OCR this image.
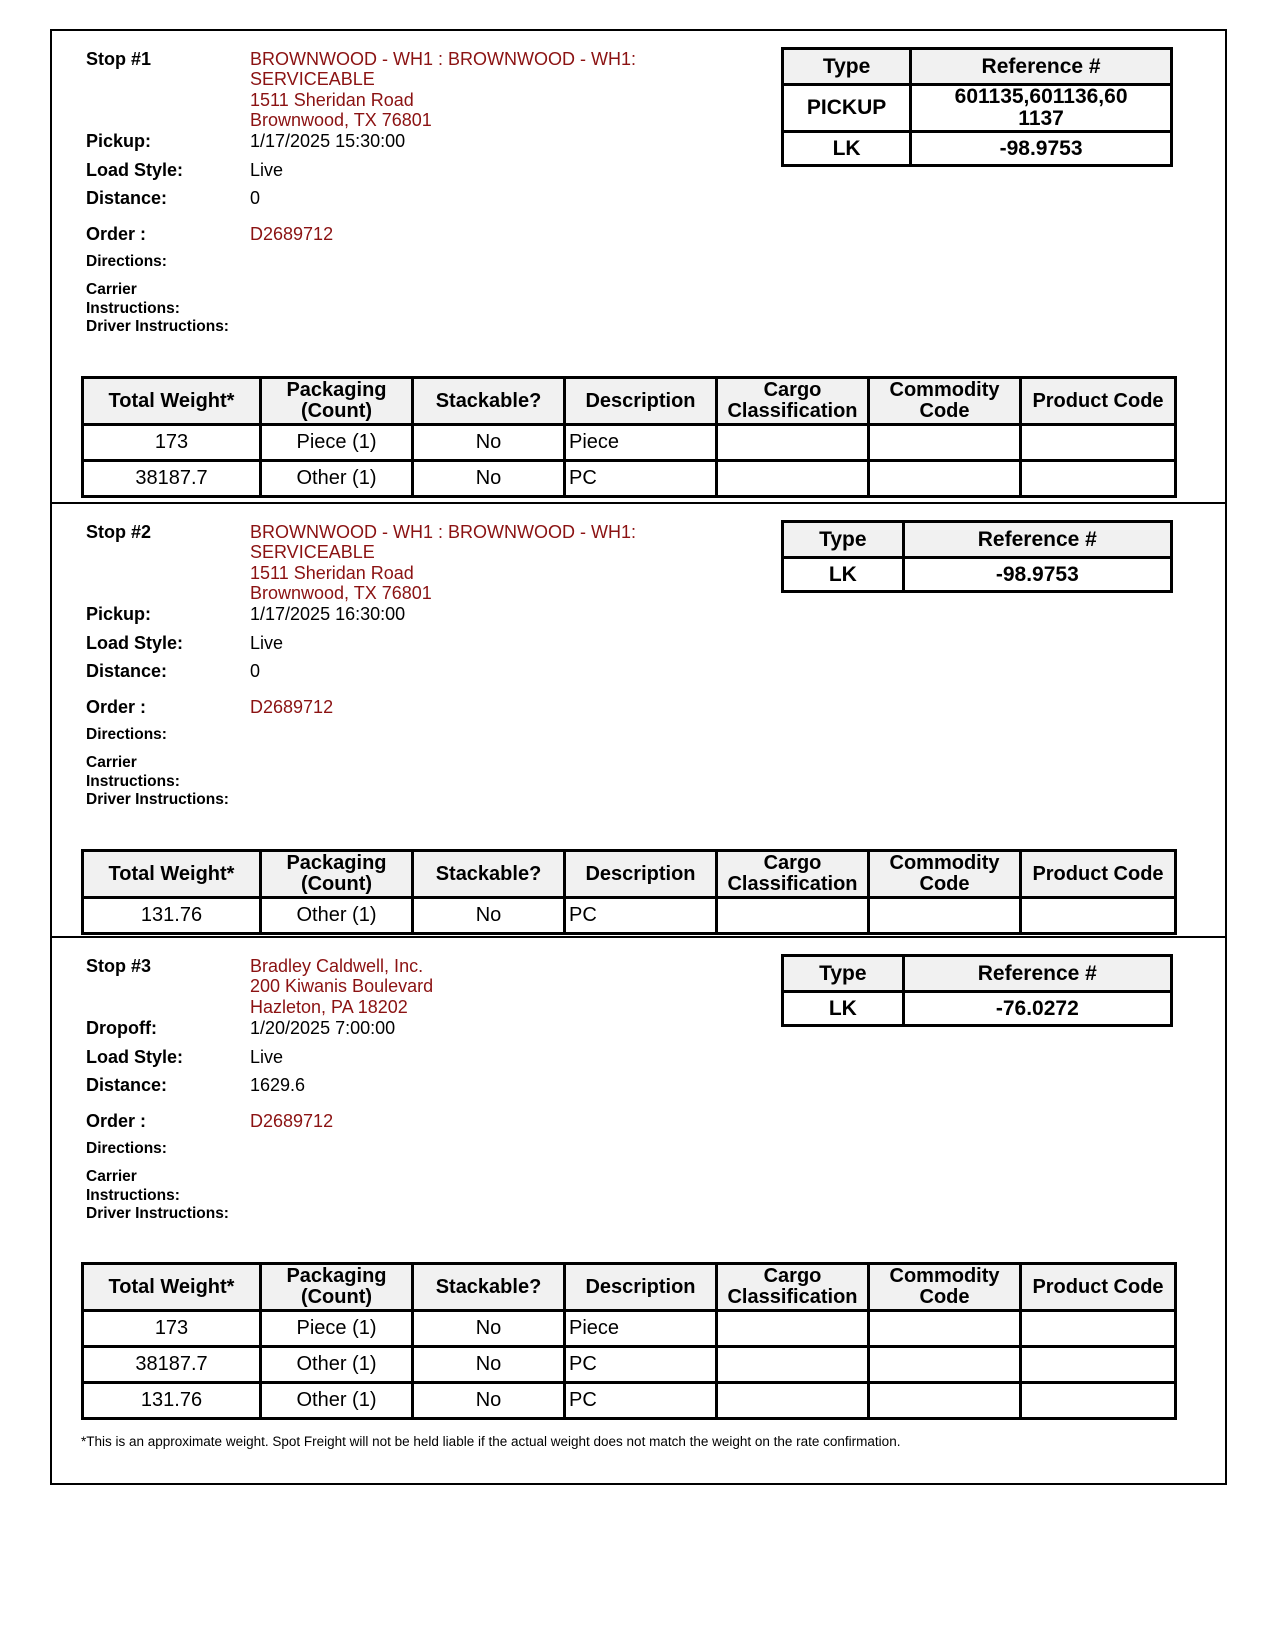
Stop #1	BROWNWOOD - WH1 : BROWNWOOD - WH1:
SERVICEABLE
1511 Sheridan Road
Brownwood, TX 76801
Pickup:	1/17/2025 15:30:00
Load Style:	Live
Distance:	0
Order :	D2689712
Directions:
Carrier
Instructions:
Driver Instructions:
Type	Reference #
PICKUP	601135,601136,60
1137

LK	-98.9753
Total Weight*	Packaging (Count)	Stackable?	Description	Cargo Classification	Commodity Code	Product Code
173	Piece (1)	No	Piece			
38187.7	Other (1)	No	PC			
Stop #2	BROWNWOOD - WH1 : BROWNWOOD - WH1:
SERVICEABLE
1511 Sheridan Road
Brownwood, TX 76801
Pickup:	1/17/2025 16:30:00
Load Style:	Live
Distance:	0
Order :	D2689712
Directions:
Carrier
Instructions:
Driver Instructions:
Type	Reference #
LK	-98.9753
Total Weight*	Packaging (Count)	Stackable?	Description	Cargo Classification	Commodity Code	Product Code
131.76	Other (1)	No	PC			
Stop #3	Bradley Caldwell, Inc.
200 Kiwanis Boulevard
Hazleton, PA 18202
Dropoff:	1/20/2025 7:00:00
Load Style:	Live
Distance:	1629.6
Order :	D2689712
Directions:
Carrier
Instructions:
Driver Instructions:
Type	Reference #
LK	-76.0272
Total Weight*	Packaging (Count)	Stackable?	Description	Cargo Classification	Commodity Code	Product Code
173	Piece (1)	No	Piece			
38187.7	Other (1)	No	PC			
131.76	Other (1)	No	PC			
*This is an approximate weight. Spot Freight will not be held liable if the actual weight does not match the weight on the rate confirmation.
